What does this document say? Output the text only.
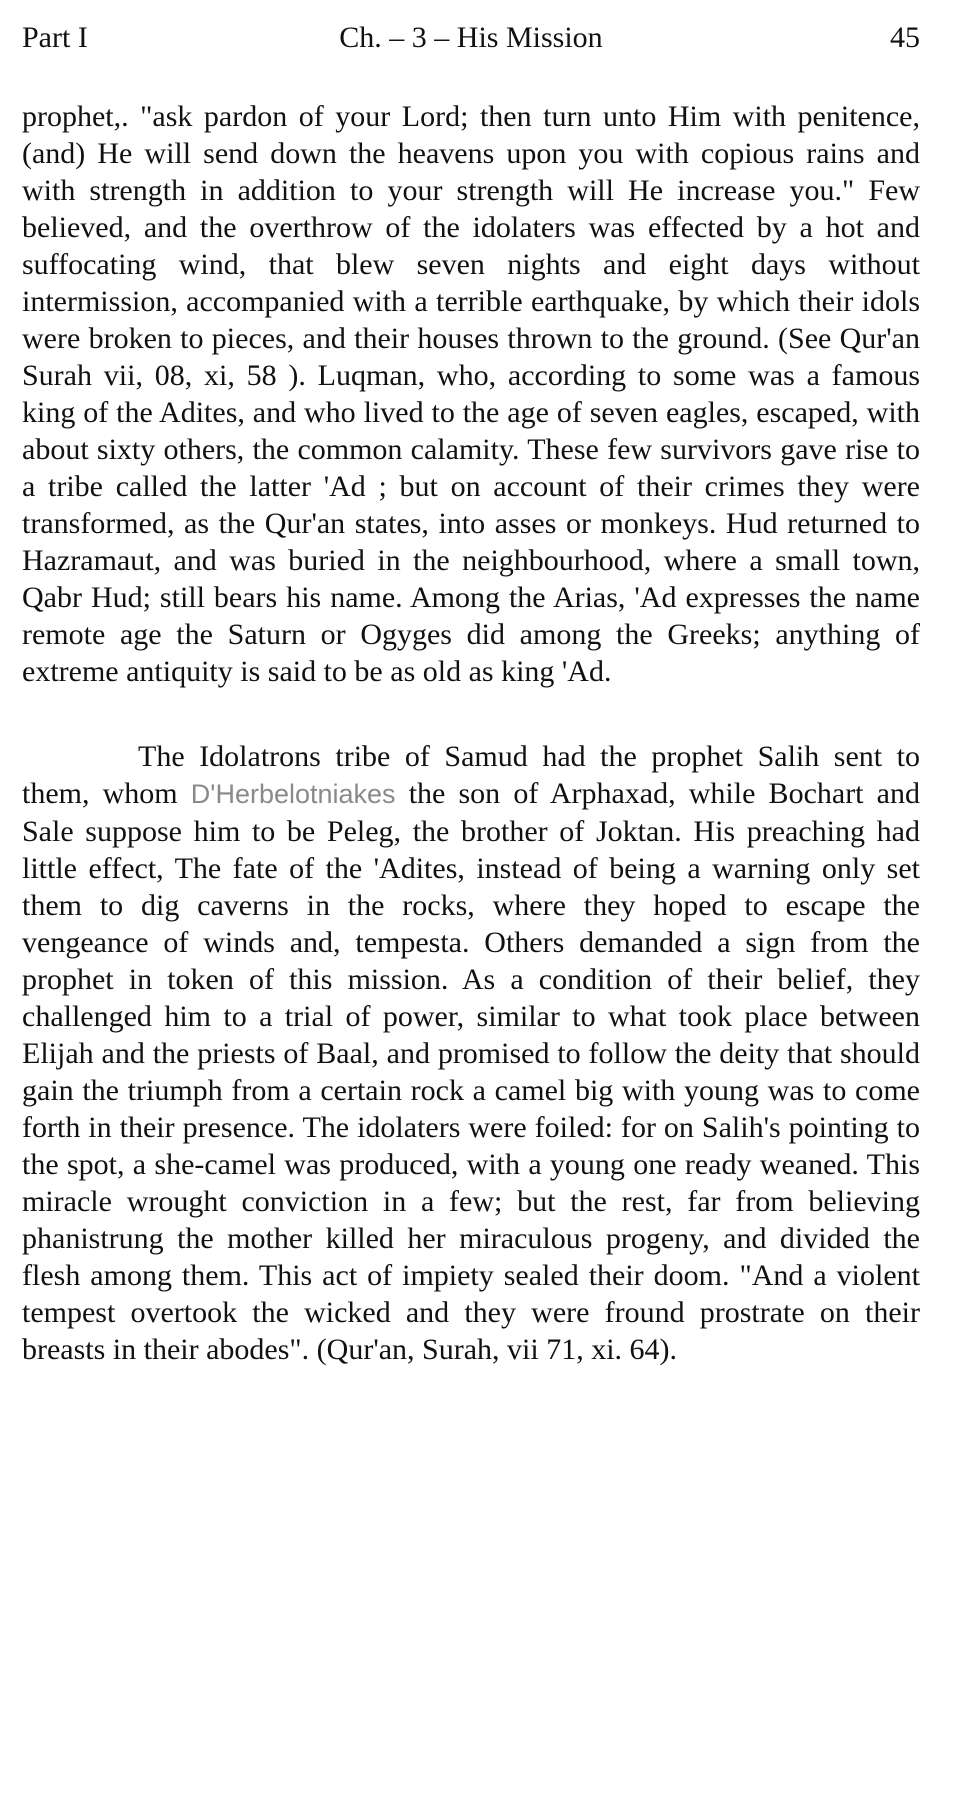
Ch. – 3 – His Mission
Part I	45

prophet,. "ask pardon of your Lord; then turn unto Him with penitence, (and) He will send down the heavens upon you with copious rains and with strength in addition to your strength will He increase you." Few believed, and the overthrow of the idolaters was effected by a hot and suffocating wind, that blew seven nights and eight days without intermission, accompanied with a terrible earthquake, by which their idols were broken to pieces, and their houses thrown to the ground. (See Qur'an Surah vii, 08, xi, 58 ). Luqman, who, according to some was a famous king of the Adites, and who lived to the age of seven eagles, escaped, with about sixty others, the common calamity. These few survivors gave rise to a tribe called the latter 'Ad ; but on account of their crimes they were transformed, as the Qur'an states, into asses or monkeys. Hud returned to Hazramaut, and was buried in the neighbourhood, where a small town, Qabr Hud; still bears his name. Among the Arias, 'Ad expresses the name remote age the Saturn or Ogyges did among the Greeks; anything of extreme antiquity is said to be as old as king 'Ad.

The Idolatrons tribe of Samud had the prophet Salih sent to them, whom D'Herbelotniakes the son of Arphaxad, while Bochart and Sale suppose him to be Peleg, the brother of Joktan. His preaching had little effect, The fate of the 'Adites, instead of being a warning only set them to dig caverns in the rocks, where they hoped to escape the vengeance of winds and, tempesta. Others demanded a sign from the prophet in token of this mission. As a condition of their belief, they challenged him to a trial of power, similar to what took place between Elijah and the priests of Baal, and promised to follow the deity that should gain the triumph from a certain rock a camel big with young was to come forth in their presence. The idolaters were foiled: for on Salih's pointing to the spot, a she-camel was produced, with a young one ready weaned. This miracle wrought conviction in a few; but the rest, far from believing phanistrung the mother killed her miraculous progeny, and divided the flesh among them. This act of impiety sealed their doom. "And a violent tempest overtook the wicked and they were fround prostrate on their breasts in their abodes". (Qur'an, Surah, vii 71, xi. 64).
